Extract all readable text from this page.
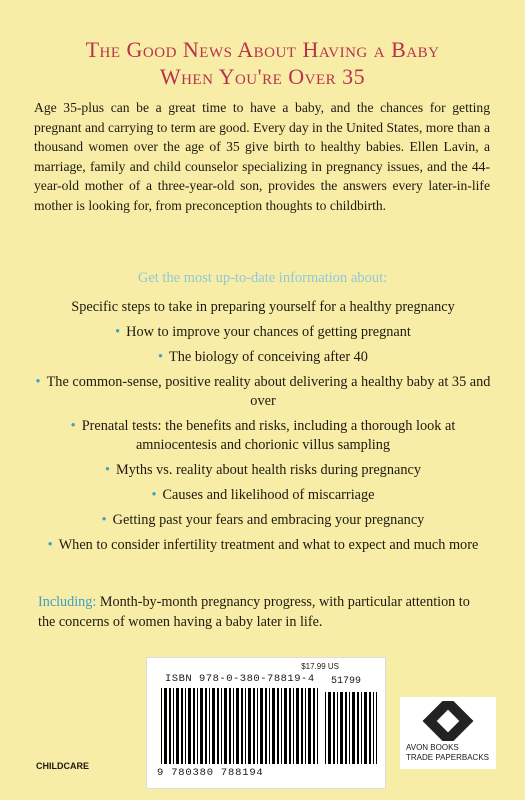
The Good News About Having a Baby
When You're Over 35
Age 35-plus can be a great time to have a baby, and the chances for getting pregnant and carrying to term are good. Every day in the United States, more than a thousand women over the age of 35 give birth to healthy babies. Ellen Lavin, a marriage, family and child counselor specializing in pregnancy issues, and the 44-year-old mother of a three-year-old son, provides the answers every later-in-life mother is looking for, from preconception thoughts to childbirth.
Get the most up-to-date information about:
Specific steps to take in preparing yourself for a healthy pregnancy
• How to improve your chances of getting pregnant
• The biology of conceiving after 40
• The common-sense, positive reality about delivering a healthy baby at 35 and over
• Prenatal tests: the benefits and risks, including a thorough look at amniocentesis and chorionic villus sampling
• Myths vs. reality about health risks during pregnancy
• Causes and likelihood of miscarriage
• Getting past your fears and embracing your pregnancy
• When to consider infertility treatment and what to expect and much more
Including: Month-by-month pregnancy progress, with particular attention to the concerns of women having a baby later in life.
$17.99 US
ISBN 978-0-380-78819-4 51799
9 780380 788194
AVON BOOKS
TRADE PAPERBACKS
CHILDCARE
